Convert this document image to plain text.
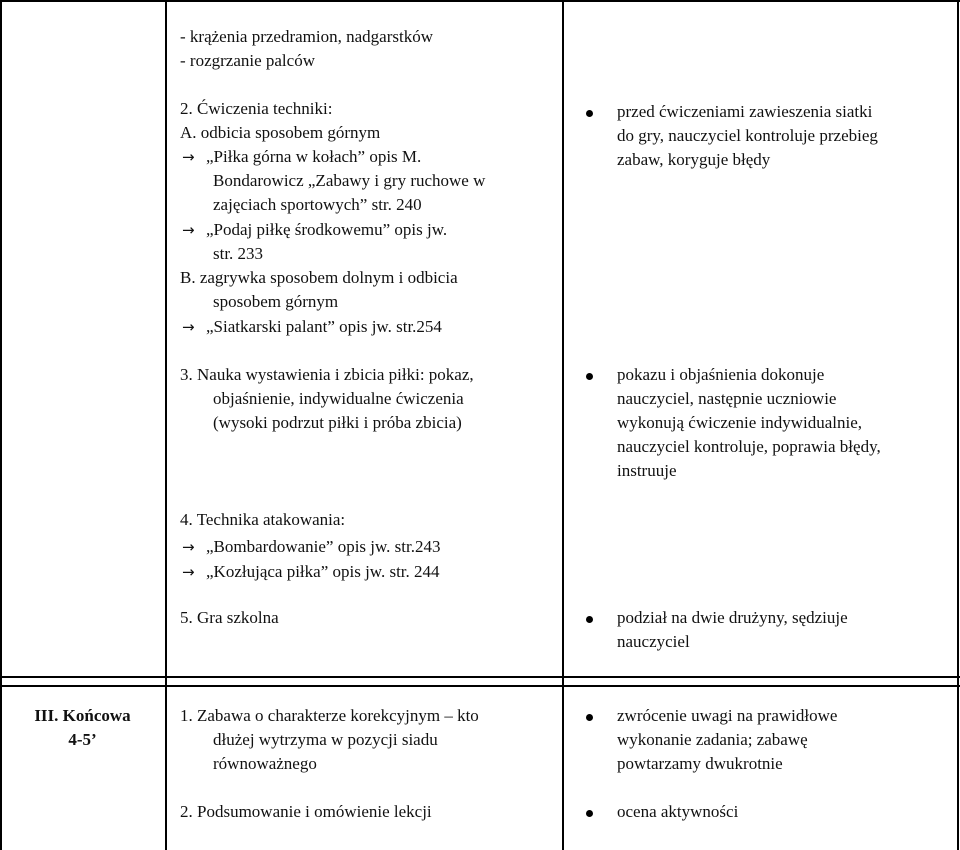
- krążenia przedramion, nadgarstków
- rozgrzanie palców
2. Ćwiczenia techniki:
A. odbicia sposobem górnym
→ „Piłka górna w kołach” opis M.
Bondarowicz „Zabawy i gry ruchowe w
zajęciach sportowych” str. 240
→ „Podaj piłkę środkowemu” opis jw.
str. 233
B. zagrywka sposobem dolnym i odbicia
sposobem górnym
→ „Siatkarski palant” opis jw. str.254
3. Nauka wystawienia i zbicia piłki: pokaz,
objaśnienie, indywidualne ćwiczenia
(wysoki podrzut piłki i próba zbicia)
4. Technika atakowania:
→ „Bombardowanie” opis jw. str.243
→ „Kozłująca piłka” opis jw. str. 244
5. Gra szkolna
przed ćwiczeniami zawieszenia siatki
do gry, nauczyciel kontroluje przebieg
zabaw, koryguje błędy
pokazu i objaśnienia dokonuje
nauczyciel, następnie uczniowie
wykonują ćwiczenie indywidualnie,
nauczyciel kontroluje, poprawia błędy,
instruuje
podział na dwie drużyny, sędziuje
nauczyciel
III. Końcowa
4-5’
1. Zabawa o charakterze korekcyjnym – kto
dłużej wytrzyma w pozycji siadu
równoważnego
2. Podsumowanie i omówienie lekcji
zwrócenie uwagi na prawidłowe
wykonanie zadania; zabawę
powtarzamy dwukrotnie
ocena aktywności
